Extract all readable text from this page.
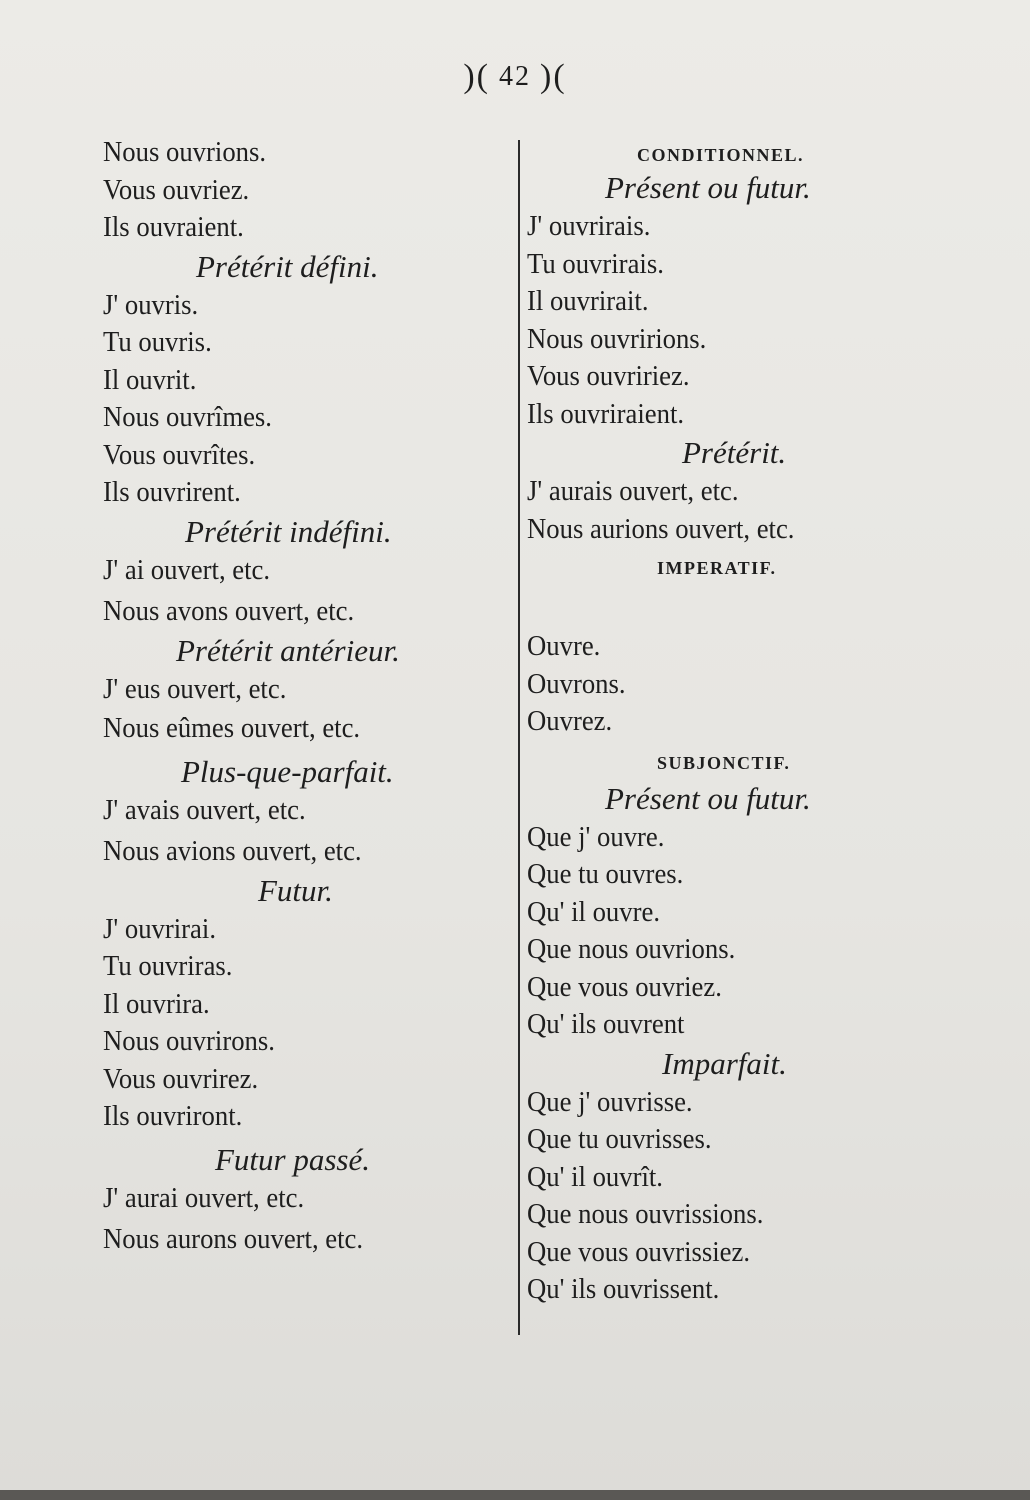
)( 42 )(
Nous ouvrions.
Vous ouvriez.
Ils ouvraient.
Prétérit défini.
J' ouvris.
Tu ouvris.
Il ouvrit.
Nous ouvrîmes.
Vous ouvrîtes.
Ils ouvrirent.
Prétérit indéfini.
J' ai ouvert, etc.
Nous avons ouvert, etc.
Prétérit antérieur.
J' eus ouvert, etc.
Nous eûmes ouvert, etc.
Plus-que-parfait.
J' avais ouvert, etc.
Nous avions ouvert, etc.
Futur.
J' ouvrirai.
Tu ouvriras.
Il ouvrira.
Nous ouvrirons.
Vous ouvrirez.
Ils ouvriront.
Futur passé.
J' aurai ouvert, etc.
Nous aurons ouvert, etc.
CONDITIONNEL.
Présent ou futur.
J' ouvrirais.
Tu ouvrirais.
Il ouvrirait.
Nous ouvririons.
Vous ouvririez.
Ils ouvriraient.
Prétérit.
J' aurais ouvert, etc.
Nous aurions ouvert, etc.
IMPERATIF.
Ouvre.
Ouvrons.
Ouvrez.
SUBJONCTIF.
Présent ou futur.
Que j' ouvre.
Que tu ouvres.
Qu' il ouvre.
Que nous ouvrions.
Que vous ouvriez.
Qu' ils ouvrent
Imparfait.
Que j' ouvrisse.
Que tu ouvrisses.
Qu' il ouvrît.
Que nous ouvrissions.
Que vous ouvrissiez.
Qu' ils ouvrissent.
